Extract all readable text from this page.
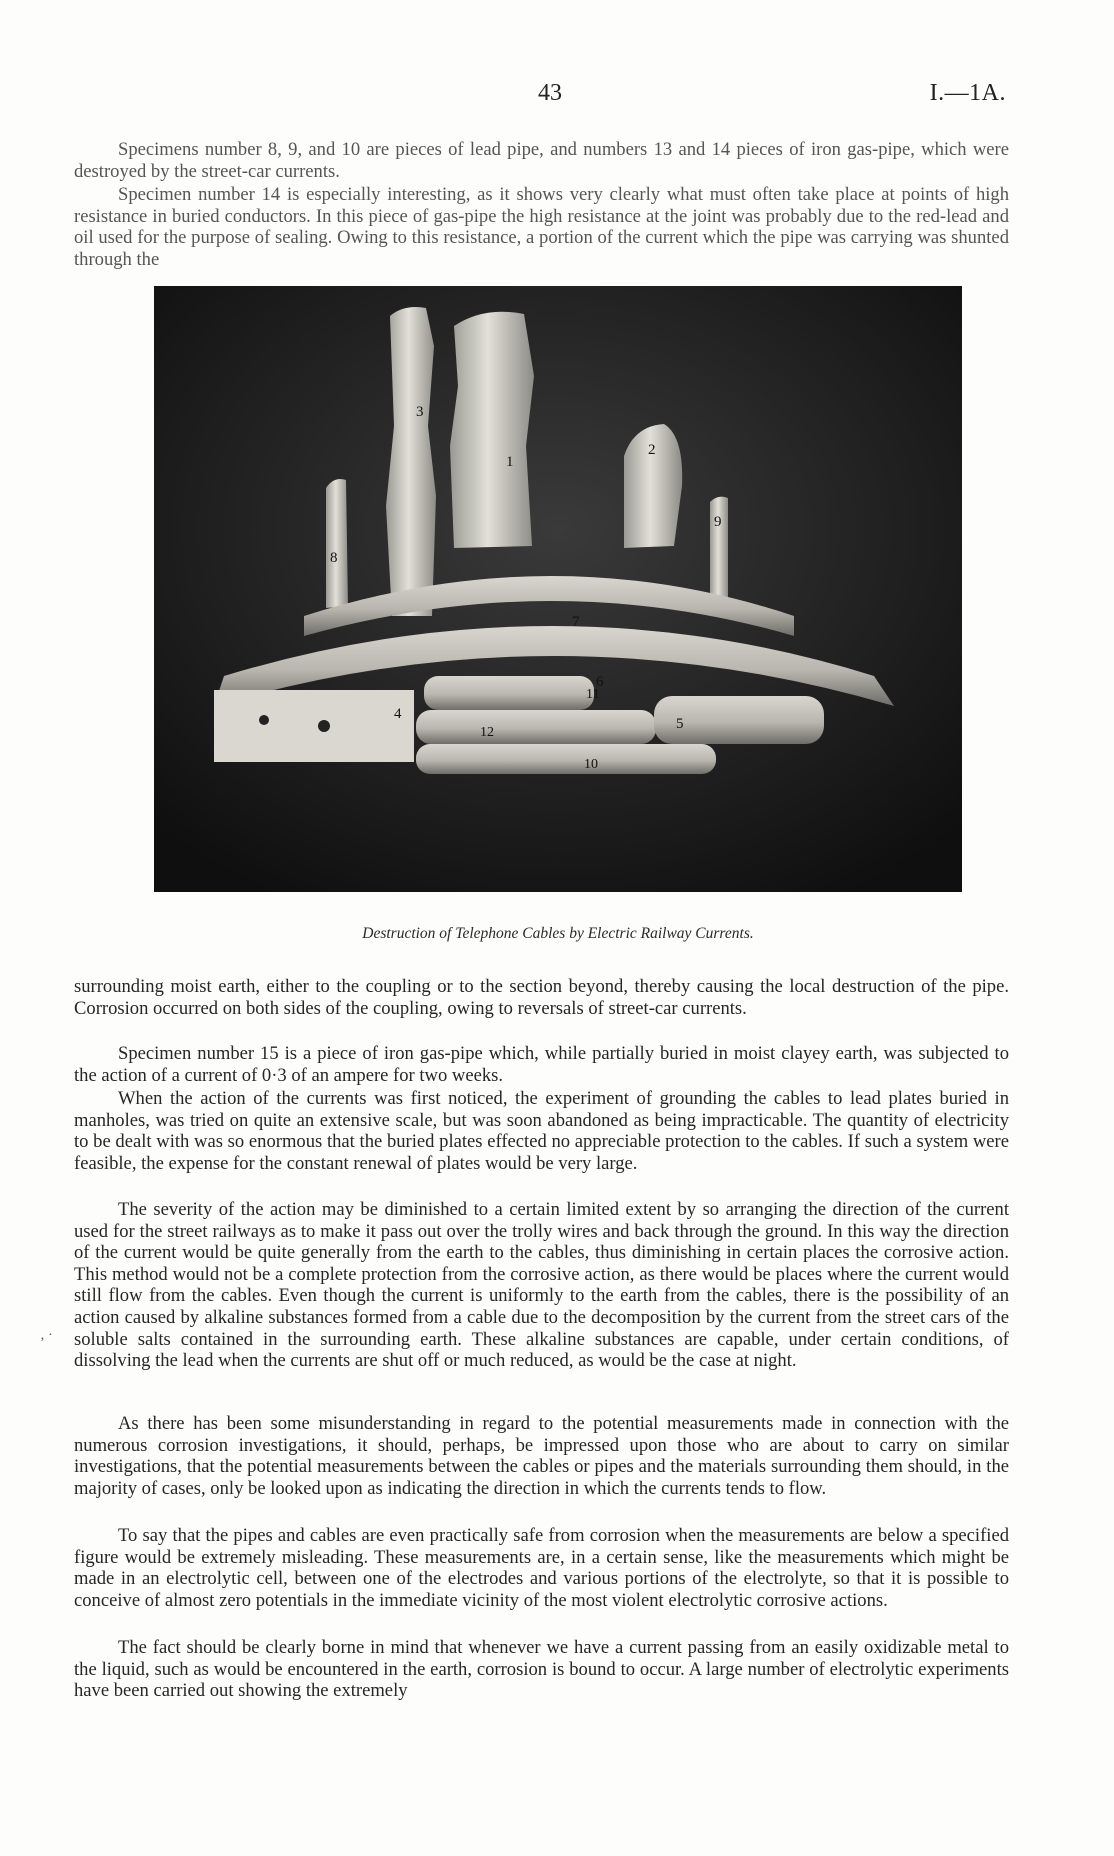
43	I.—1A.

Specimens number 8, 9, and 10 are pieces of lead pipe, and numbers 13 and 14 pieces of iron gas-pipe, which were destroyed by the street-car currents.

Specimen number 14 is especially interesting, as it shows very clearly what must often take place at points of high resistance in buried conductors. In this piece of gas-pipe the high resistance at the joint was probably due to the red-lead and oil used for the purpose of sealing. Owing to this resistance, a portion of the current which the pipe was carrying was shunted through the

3
1
2
8
9
7
6
4
11
12
5
10
Destruction of Telephone Cables by Electric Railway Currents.

surrounding moist earth, either to the coupling or to the section beyond, thereby causing the local destruction of the pipe. Corrosion occurred on both sides of the coupling, owing to reversals of street-car currents.

Specimen number 15 is a piece of iron gas-pipe which, while partially buried in moist clayey earth, was subjected to the action of a current of 0·3 of an ampere for two weeks.

When the action of the currents was first noticed, the experiment of grounding the cables to lead plates buried in manholes, was tried on quite an extensive scale, but was soon abandoned as being impracticable. The quantity of electricity to be dealt with was so enormous that the buried plates effected no appreciable protection to the cables. If such a system were feasible, the expense for the constant renewal of plates would be very large.

The severity of the action may be diminished to a certain limited extent by so arranging the direction of the current used for the street railways as to make it pass out over the trolly wires and back through the ground. In this way the direction of the current would be quite generally from the earth to the cables, thus diminishing in certain places the corrosive action. This method would not be a complete protection from the corrosive action, as there would be places where the current would still flow from the cables. Even though the current is uniformly to the earth from the cables, there is the possibility of an action caused by alkaline substances formed from a cable due to the decomposition by the current from the street cars of the soluble salts contained in the surrounding earth. These alkaline substances are capable, under certain conditions, of dissolving the lead when the currents are shut off or much reduced, as would be the case at night.

As there has been some misunderstanding in regard to the potential measurements made in connection with the numerous corrosion investigations, it should, perhaps, be impressed upon those who are about to carry on similar investigations, that the potential measurements between the cables or pipes and the materials surrounding them should, in the majority of cases, only be looked upon as indicating the direction in which the currents tends to flow.

To say that the pipes and cables are even practically safe from corrosion when the measurements are below a specified figure would be extremely misleading. These measurements are, in a certain sense, like the measurements which might be made in an electrolytic cell, between one of the electrodes and various portions of the electrolyte, so that it is possible to conceive of almost zero potentials in the immediate vicinity of the most violent electrolytic corrosive actions.

The fact should be clearly borne in mind that whenever we have a current passing from an easily oxidizable metal to the liquid, such as would be encountered in the earth, corrosion is bound to occur. A large number of electrolytic experiments have been carried out showing the extremely

‚ ·
